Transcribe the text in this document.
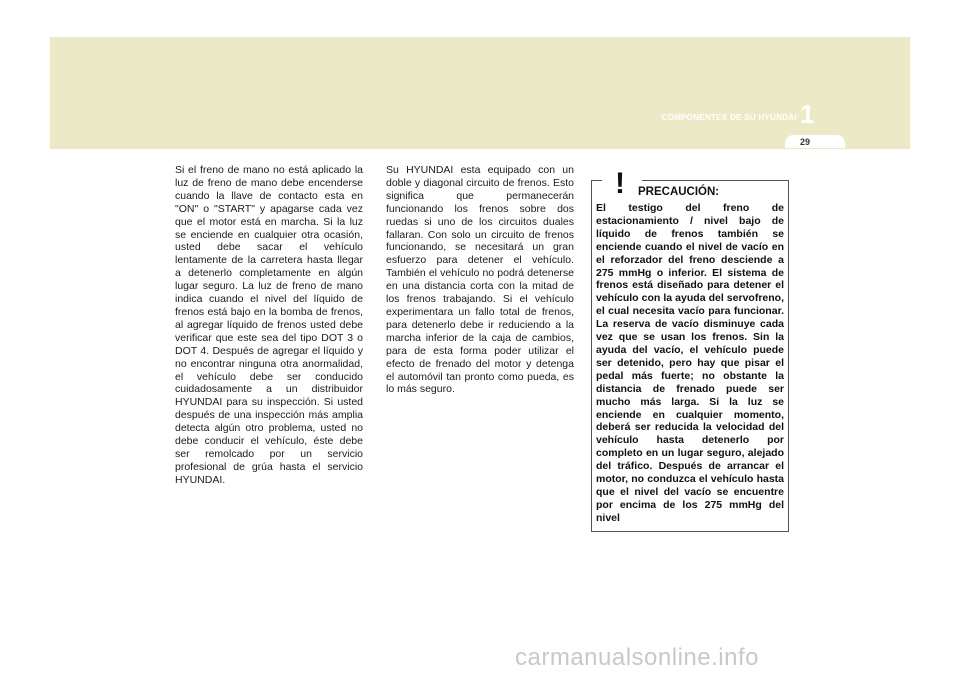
COMPONENTES DE SU HYUNDAI 1
29
Si el freno de mano no está aplicado la luz de freno de mano debe encenderse cuando la llave de contacto esta en "ON" o "START" y apagarse cada vez que el motor está en marcha. Si la luz se enciende en cualquier otra ocasión, usted debe sacar el vehículo lentamente de la carretera hasta llegar a detenerlo completamente en algún lugar seguro. La luz de freno de mano indica cuando el nivel del líquido de frenos está bajo en la bomba de frenos, al agregar líquido de frenos usted debe verificar que este sea del tipo DOT 3 o DOT 4. Después de agregar el líquido y no encontrar ninguna otra anormalidad, el vehículo debe ser conducido cuidadosamente a un distribuidor HYUNDAI para su inspección. Si usted después de una inspección más amplia detecta algún otro problema, usted no debe conducir el vehículo, éste debe ser remolcado por un servicio profesional de grúa hasta el servicio HYUNDAI.
Su HYUNDAI esta equipado con un doble y diagonal circuito de frenos. Esto significa que permanecerán funcionando los frenos sobre dos ruedas si uno de los circuitos duales fallaran. Con solo un circuito de frenos funcionando, se necesitará un gran esfuerzo para detener el vehículo. También el vehículo no podrá detenerse en una distancia corta con la mitad de los frenos trabajando. Si el vehículo experimentara un fallo total de frenos, para detenerlo debe ir reduciendo a la marcha inferior de la caja de cambios, para de esta forma poder utilizar el efecto de frenado del motor y detenga el automóvil tan pronto como pueda, es lo más seguro.
! PRECAUCIÓN:
El testigo del freno de estacionamiento / nivel bajo de líquido de frenos también se enciende cuando el nivel de vacío en el reforzador del freno desciende a 275 mmHg o inferior. El sistema de frenos está diseñado para detener el vehículo con la ayuda del servofreno, el cual necesita vacío para funcionar. La reserva de vacío disminuye cada vez que se usan los frenos. Sin la ayuda del vacío, el vehículo puede ser detenido, pero hay que pisar el pedal más fuerte; no obstante la distancia de frenado puede ser mucho más larga. Si la luz se enciende en cualquier momento, deberá ser reducida la velocidad del vehículo hasta detenerlo por completo en un lugar seguro, alejado del tráfico. Después de arrancar el motor, no conduzca el vehículo hasta que el nivel del vacío se encuentre por encima de los 275 mmHg del nivel
carmanualsonline.info
